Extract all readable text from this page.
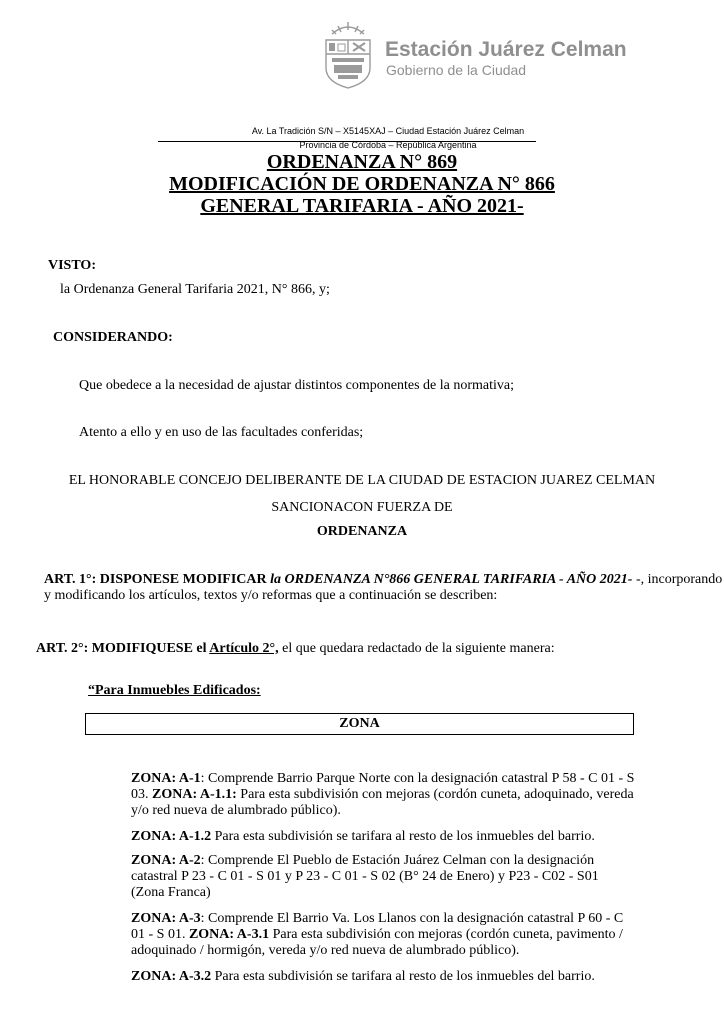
Estación Juárez Celman
Gobierno de la Ciudad
Av. La Tradición S/N – X5145XAJ – Ciudad Estación Juárez Celman
Provincia de Córdoba – República Argentina
ORDENANZA N° 869
MODIFICACIÓN DE ORDENANZA N° 866
GENERAL TARIFARIA - AÑO 2021-
VISTO:
la Ordenanza General Tarifaria 2021, N° 866, y;
CONSIDERANDO:
Que obedece a la necesidad de ajustar distintos componentes de la normativa;
Atento a ello y en uso de las facultades conferidas;
EL HONORABLE CONCEJO DELIBERANTE DE LA CIUDAD DE ESTACION JUAREZ CELMAN
SANCIONACON FUERZA DE
ORDENANZA
ART. 1°: DISPONESE MODIFICAR la ORDENANZA N°866 GENERAL TARIFARIA - AÑO 2021- -, incorporando
y modificando los artículos, textos y/o reformas que a continuación se describen:
ART. 2°: MODIFIQUESE el Artículo 2°, el que quedara redactado de la siguiente manera:
“Para Inmuebles Edificados:
ZONA
ZONA: A-1: Comprende Barrio Parque Norte con la designación catastral P 58 - C 01 - S
03. ZONA: A-1.1: Para esta subdivisión con mejoras (cordón cuneta, adoquinado, vereda
y/o red nueva de alumbrado público).
ZONA: A-1.2 Para esta subdivisión se tarifara al resto de los inmuebles del barrio.
ZONA: A-2: Comprende El Pueblo de Estación Juárez Celman con la designación
catastral P 23 - C 01 - S 01 y P 23 - C 01 - S 02 (B° 24 de Enero) y P23 - C02 - S01
(Zona Franca)
ZONA: A-3: Comprende El Barrio Va. Los Llanos con la designación catastral P 60 - C
01 - S 01. ZONA: A-3.1 Para esta subdivisión con mejoras (cordón cuneta, pavimento /
adoquinado / hormigón, vereda y/o red nueva de alumbrado público).
ZONA: A-3.2 Para esta subdivisión se tarifara al resto de los inmuebles del barrio.
